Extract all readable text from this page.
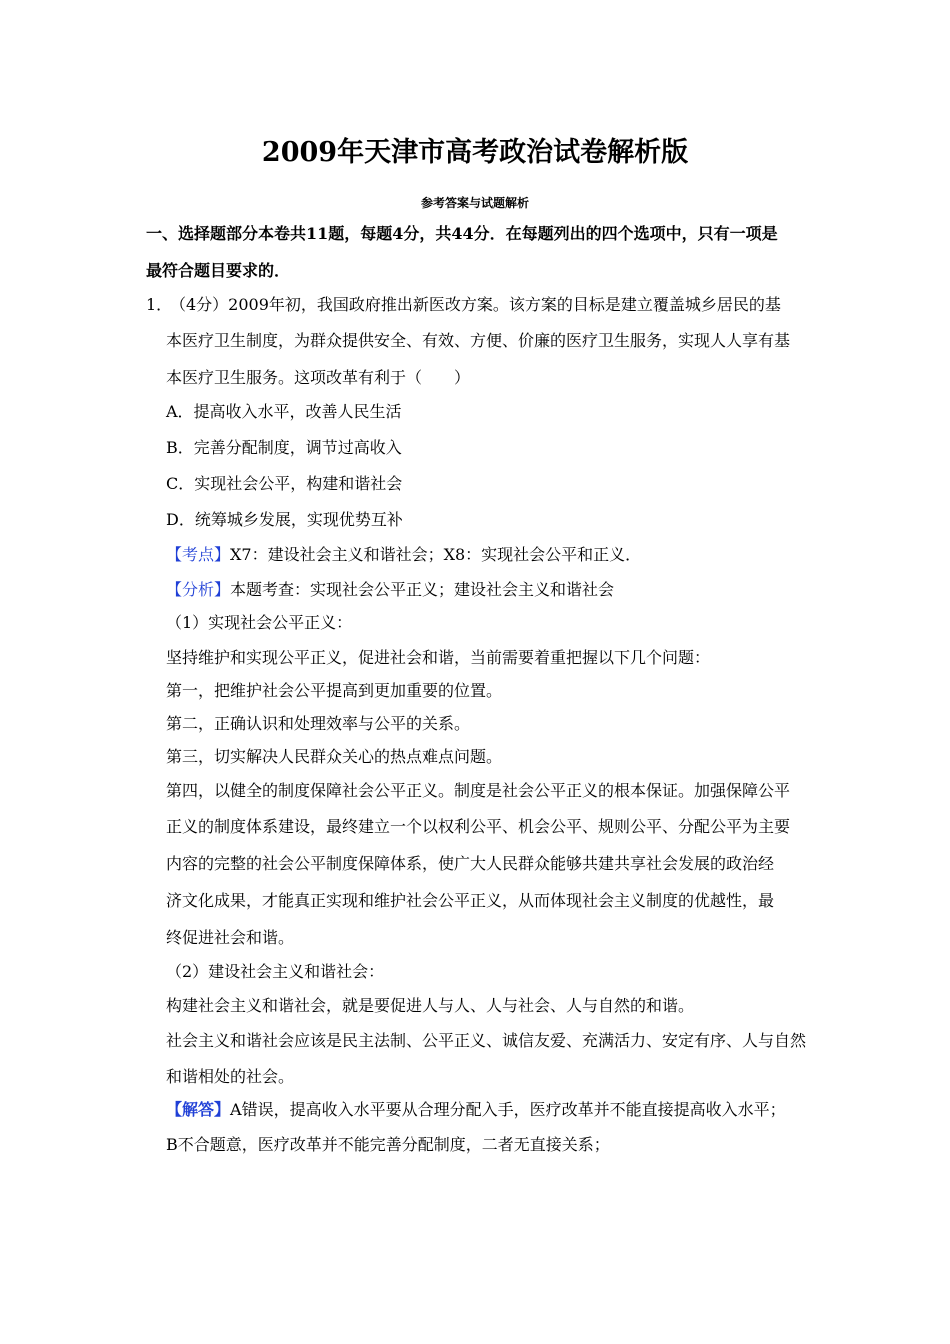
2009年天津市高考政治试卷解析版
参考答案与试题解析
一、选择题部分本卷共11题，每题4分，共44分．在每题列出的四个选项中，只有一项是
最符合题目要求的．
1．
（4分）2009年初，我国政府推出新医改方案。该方案的目标是建立覆盖城乡居民的基
本医疗卫生制度，为群众提供安全、有效、方便、价廉的医疗卫生服务，实现人人享有基
本医疗卫生服务。这项改革有利于（　　）
A．提高收入水平，改善人民生活
B．完善分配制度，调节过高收入
C．实现社会公平，构建和谐社会
D．统筹城乡发展，实现优势互补
【考点】X7：建设社会主义和谐社会；X8：实现社会公平和正义．
【分析】本题考查：实现社会公平正义；建设社会主义和谐社会
（1）实现社会公平正义：
坚持维护和实现公平正义，促进社会和谐，当前需要着重把握以下几个问题：
第一，把维护社会公平提高到更加重要的位置。
第二，正确认识和处理效率与公平的关系。
第三，切实解决人民群众关心的热点难点问题。
第四，以健全的制度保障社会公平正义。制度是社会公平正义的根本保证。加强保障公平
正义的制度体系建设，最终建立一个以权利公平、机会公平、规则公平、分配公平为主要
内容的完整的社会公平制度保障体系，使广大人民群众能够共建共享社会发展的政治经
济文化成果，才能真正实现和维护社会公平正义，从而体现社会主义制度的优越性，最
终促进社会和谐。
（2）建设社会主义和谐社会：
构建社会主义和谐社会，就是要促进人与人、人与社会、人与自然的和谐。
社会主义和谐社会应该是民主法制、公平正义、诚信友爱、充满活力、安定有序、人与自然
和谐相处的社会。
【解答】A错误，提高收入水平要从合理分配入手，医疗改革并不能直接提高收入水平；
B不合题意，医疗改革并不能完善分配制度，二者无直接关系；
